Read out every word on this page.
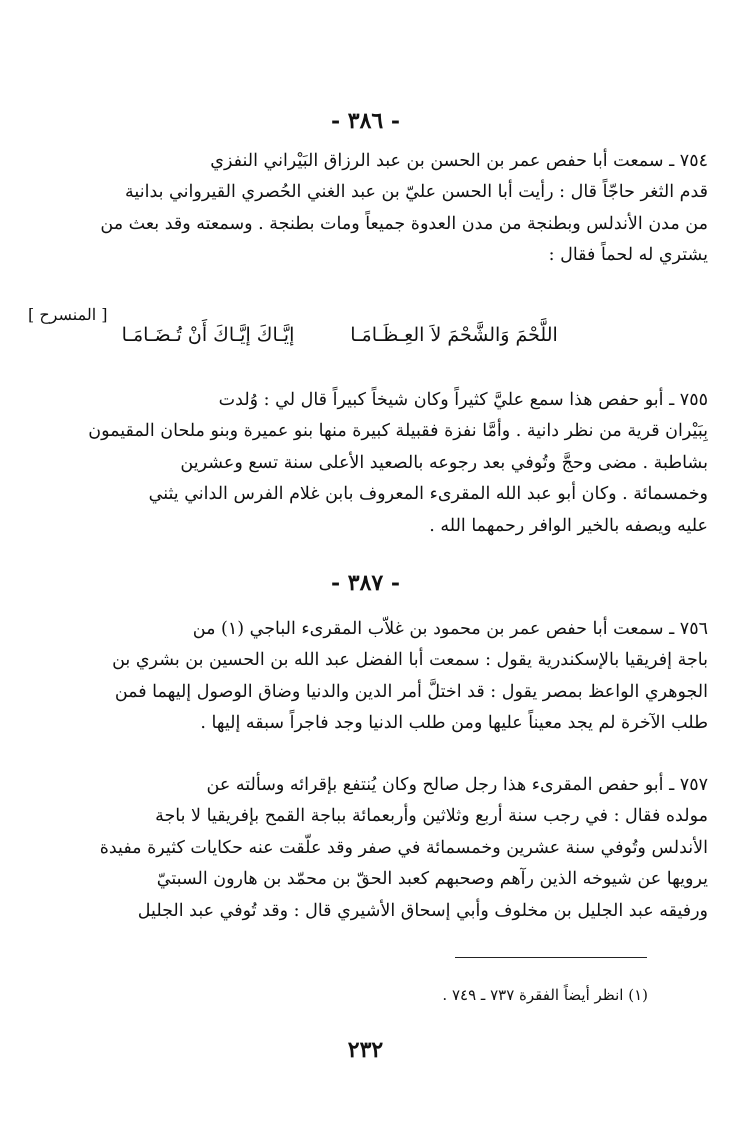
- ٣٨٦ -
٧٥٤ ـ سمعت أبا حفص عمر بن الحسن بن عبد الرزاق البَيْراني النفزي
قدم الثغر حاجّاً قال : رأيت أبا الحسن عليّ بن عبد الغني الحُصري القيرواني بدانية
من مدن الأندلس وبطنجة من مدن العدوة جميعاً ومات بطنجة . وسمعته وقد بعث من
يشتري له لحماً فقال :
[ المنسرح ]
اللَّحْمَ وَالشَّحْمَ لاَ العِـظَـامَـا
إيَّـاكَ إيَّـاكَ أَنْ تُـضَـامَـا
٧٥٥ ـ أبو حفص هذا سمع عليَّ كثيراً وكان شيخاً كبيراً قال لي : وُلدت
بِبَيْران قرية من نظر دانية . وأمَّا نفزة فقبيلة كبيرة منها بنو عميرة وبنو ملحان المقيمون
بشاطبة . مضى وحجَّ وتُوفي بعد رجوعه بالصعيد الأعلى سنة تسع وعشرين
وخمسمائة . وكان أبو عبد الله المقرىء المعروف بابن غلام الفرس الداني يثني
عليه ويصفه بالخير الوافر رحمهما الله .
- ٣٨٧ -
٧٥٦ ـ سمعت أبا حفص عمر بن محمود بن غلاّب المقرىء الباجي (١) من
باجة إفريقيا بالإسكندرية يقول : سمعت أبا الفضل عبد الله بن الحسين بن بشري بن
الجوهري الواعظ بمصر يقول : قد اختلَّ أمر الدين والدنيا وضاق الوصول إليهما فمن
طلب الآخرة لم يجد معيناً عليها ومن طلب الدنيا وجد فاجراً سبقه إليها .
٧٥٧ ـ أبو حفص المقرىء هذا رجل صالح وكان يُنتفع بإقرائه وسألته عن
مولده فقال : في رجب سنة أربع وثلاثين وأربعمائة بباجة القمح بإفريقيا لا باجة
الأندلس وتُوفي سنة عشرين وخمسمائة في صفر وقد علّقت عنه حكايات كثيرة مفيدة
يرويها عن شيوخه الذين رآهم وصحبهم كعبد الحقّ بن محمّد بن هارون السبتيّ
ورفيقه عبد الجليل بن مخلوف وأبي إسحاق الأشيري قال : وقد تُوفي عبد الجليل
(١) انظر أيضاً الفقرة ٧٣٧ ـ ٧٤٩ .
٢٣٢
